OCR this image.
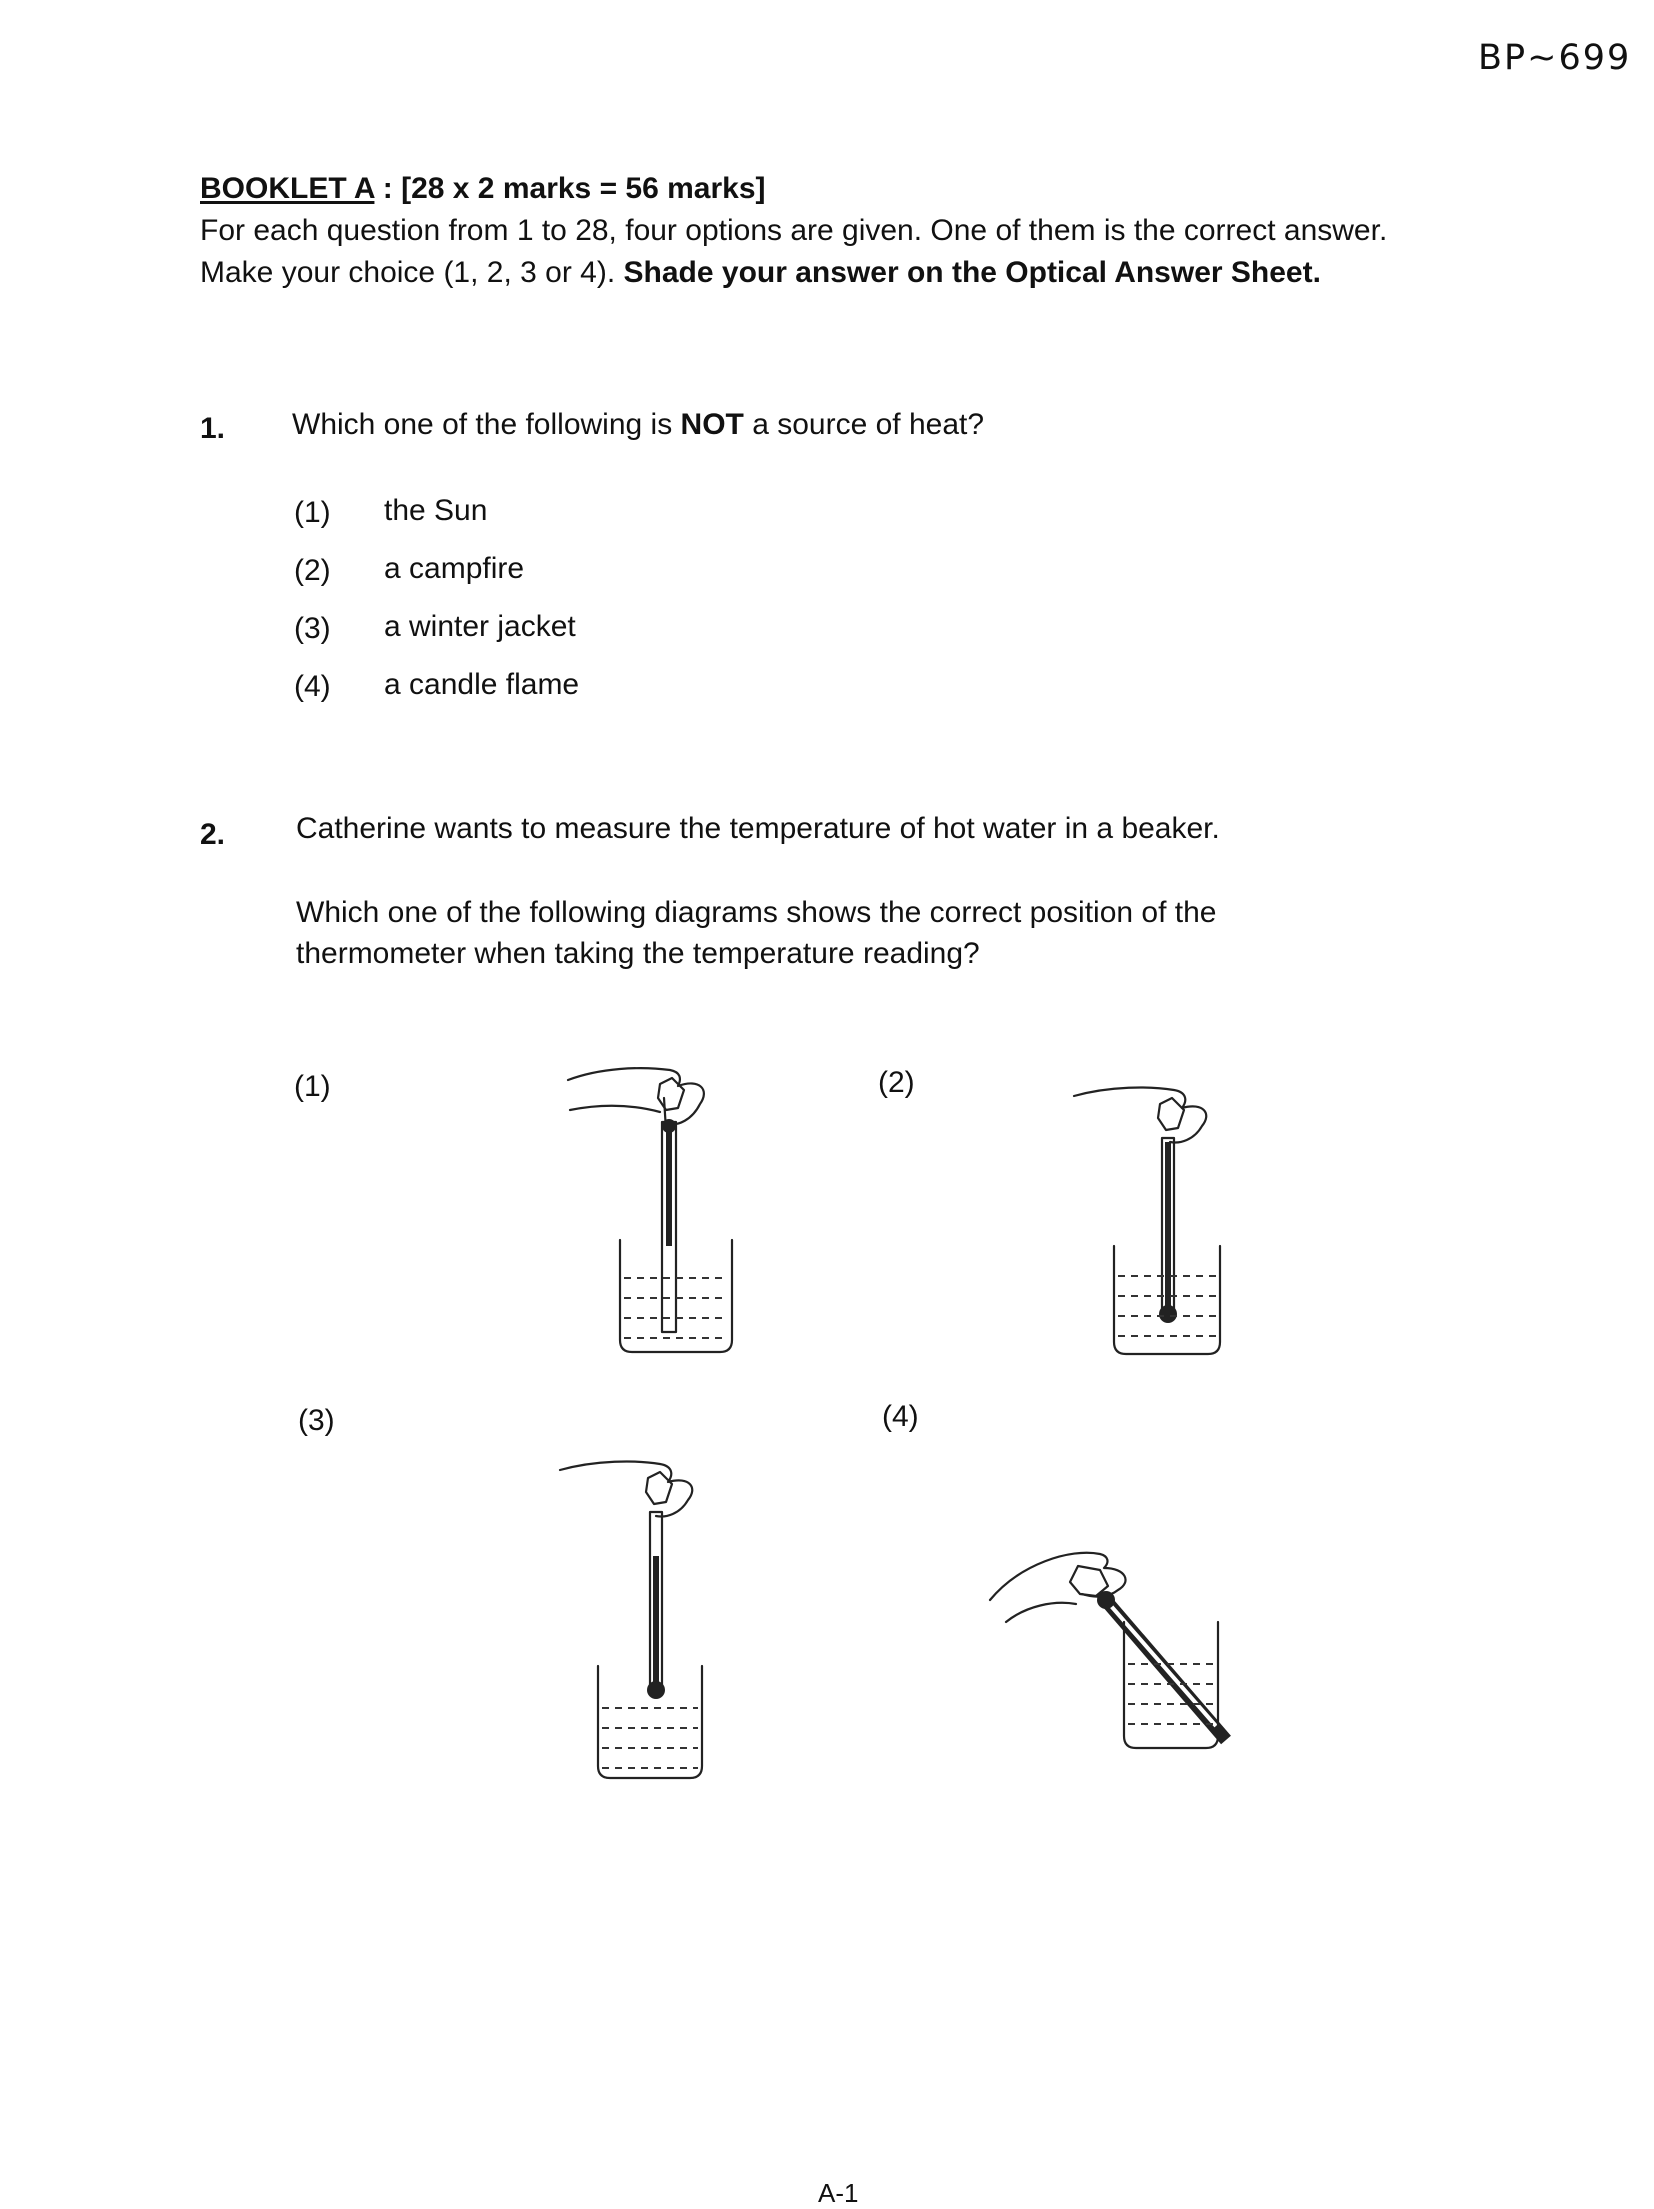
BP~699
BOOKLET A : [28 x 2 marks = 56 marks]
For each question from 1 to 28, four options are given. One of them is the correct answer. Make your choice (1, 2, 3 or 4). Shade your answer on the Optical Answer Sheet.
1. Which one of the following is NOT a source of heat?
(1) the Sun
(2) a campfire
(3) a winter jacket
(4) a candle flame
2. Catherine wants to measure the temperature of hot water in a beaker.
Which one of the following diagrams shows the correct position of the thermometer when taking the temperature reading?
(1)	(2)
(3)	(4)
A-1
